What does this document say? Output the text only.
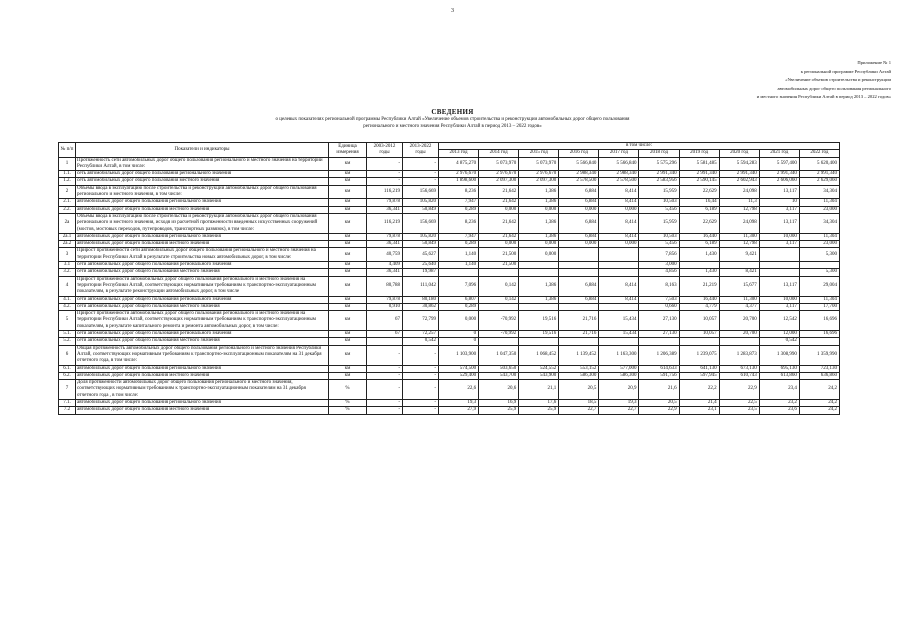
3
Приложение № 1
к региональной программе Республики Алтай
«Увеличение объемов строительства и реконструкции
автомобильных дорог общего пользования регионального
и местного значения Республики Алтай в период 2013 – 2022 годов»
СВЕДЕНИЯ
о целевых показателях региональной программы Республики Алтай «Увеличение объемов строительства и реконструкции автомобильных дорог общего пользования
регионального и местного значения Республики Алтай в период 2013 – 2022 годов»
№ п/п	Показатели и индикаторы	Единица измерения	2003-2012 годы	2013-2022 годы	в том числе:									
					2013 год	2014 год	2015 год	2016 год	2017 год	2018 год	2019 год	2020 год	2021 год	2022 год
1	Протяженность сети автомобильных дорог общего пользования регионального и местного значения на территории Республики Алтай, в том числе:	км	-	-	4 875,270	5 073,970	5 073,970	5 566,840	5 566,840	5 575,296	5 581,485	5 594,283	5 597,400	5 620,400
1.1.	сеть автомобильных дорог общего пользования регионального значения	км	-	-	2 976,670	2 976,670	2 976,670	2 988,340	2 988,340	2 991,340	2 991,340	2 991,340	2 991,340	2 991,340
1.2.	сеть автомобильных дорог общего пользования местного значения	км	-	-	1 898,600	2 097,300	2 097,300	2 578,500	2 578,500	2 583,956	2 590,145	2 602,943	2 606,060	2 629,060
2	Объемы ввода в эксплуатацию после строительства и реконструкции автомобильных дорог общего пользования регионального и местного значения, в том числе:	км	116,219	156,669	8,236	21,642	1,386	6,884	8,414	15,959	22,629	24,098	13,117	34,304
2.1.	автомобильных дорог общего пользования регионального значения	км	79,878	105,820	7,947	21,642	1,386	6,884	8,414	10,503	16,44	11,3	10	11,304
2.2.	автомобильных дорог общего пользования местного значения	км	36,341	50,849	0,289	0,000	0,000	0,000	0,000	5,456	6,189	12,798	3,117	23,000
2а	Объемы ввода в эксплуатацию после строительства и реконструкции автомобильных дорог общего пользования регионального и местного значения, исходя из расчетной протяженности введенных искусственных сооружений (мостов, мостовых переходов, путепроводов, транспортных развязок), в том числе:	км	116,219	156,669	8,236	21,642	1,386	6,884	8,414	15,959	22,629	24,098	13,117	34,304
2а.1	автомобильных дорог общего пользования регионального значения	км	79,878	105,820	7,947	21,642	1,386	6,884	8,414	10,503	16,440	11,300	10,000	11,304
2а.2	автомобильных дорог общего пользования местного значения	км	36,341	50,849	0,289	0,000	0,000	0,000	0,000	5,456	6,189	12,798	3,117	23,000
3	Прирост протяженности сети автомобильных дорог общего пользования регионального и местного значения на территории Республики Алтай в результате строительства новых автомобильных дорог, в том числе:	км	40,759	45,627	1,140	21,500	0,000			7,856	1,430	9,421		5,300
3.1	сети автомобильных дорог общего пользования регионального значения	км	4,409	25,640	1,140	21,500				3,000				
3.2.	сети автомобильных дорог общего пользования местного значения	км	36,341	19,987						4,856	1,430	8,421		5,300
4	Прирост протяженности автомобильных дорог общего пользования регионального и местного значения на территории Республики Алтай, соответствующих нормативным требованиям к транспортно-эксплуатационным показателям, в результате реконструкции автомобильных дорог, в том числе	км	80,788	111,042	7,096	0,142	1,386	6,884	8,414	8,163	21,219	15,677	13,117	29,004
4.1.	сети автомобильных дорог общего пользования регионального значения	км	79,878	80,180	6,807	0,142	1,386	6,884	8,414	7,503	16,440	11,300	10,000	11,304
4.2.	сети автомобильных дорог общего пользования местного значения	км	0,910	30,862	0,289					0,660	4,779	4,377	3,117	17,700
5	Прирост протяженности автомобильных дорог общего пользования регионального и местного значения на территории Республики Алтай, соответствующих нормативным требованиям к транспортно-эксплуатационным показателям, в результате капитального ремонта и ремонта автомобильных дорог, в том числе:	км	67	72,799	0,000	-70,992	19,516	21,716	15,434	27,130	10,057	20,700	12,542	16,696
5.1.	сети автомобильных дорог общего пользования регионального значения	км	67	72,257	0	-70,992	19,516	21,716	15,434	27,130	10,057	20,700	12,000	16,696
5.2.	сети автомобильных дорог общего пользования местного значения	км		0,542	0								0,542	
6	Общая протяженность автомобильных дорог общего пользования регионального и местного значения Республики Алтай, соответствующих нормативным требованиям к транспортно-эксплуатационным показателям на 31 декабря отчетного года, в том числе:	км	-	-	1 103,900	1 047,350	1 068,452	1 139,452	1 163,300	1 206,389	1 239,075	1 283,873	1 308,990	1 359,990
6.1.	автомобильных дорог общего пользования регионального значения	км	-	-	574,500	503,650	524,552	553,152	577,000	614,633	641,130	673,130	695,130	723,130
6.2.	автомобильных дорог общего пользования местного значения	км	-	-	529,400	543,700	543,900	586,300	586,300	591,756	597,945	610,743	613,860	636,860
7	Доля протяженности автомобильных дорог общего пользования регионального и местного значения, соответствующих нормативным требованиям к транспортно-эксплуатационным показателям на 31 декабря отчетного года , в том числе:	%	-	-	22,6	20,6	21,1	20,5	20,9	21,6	22,2	22,9	23,4	24,2
7.1.	автомобильных дорог общего пользования регионального значения	%	-	-	19,3	16,9	17,6	18,5	19,3	20,5	21,4	22,5	23,2	24,2
7.2	автомобильных дорог общего пользования местного значения	%	-	-	27,9	25,9	25,9	22,7	22,7	22,9	23,1	23,5	23,6	24,2
